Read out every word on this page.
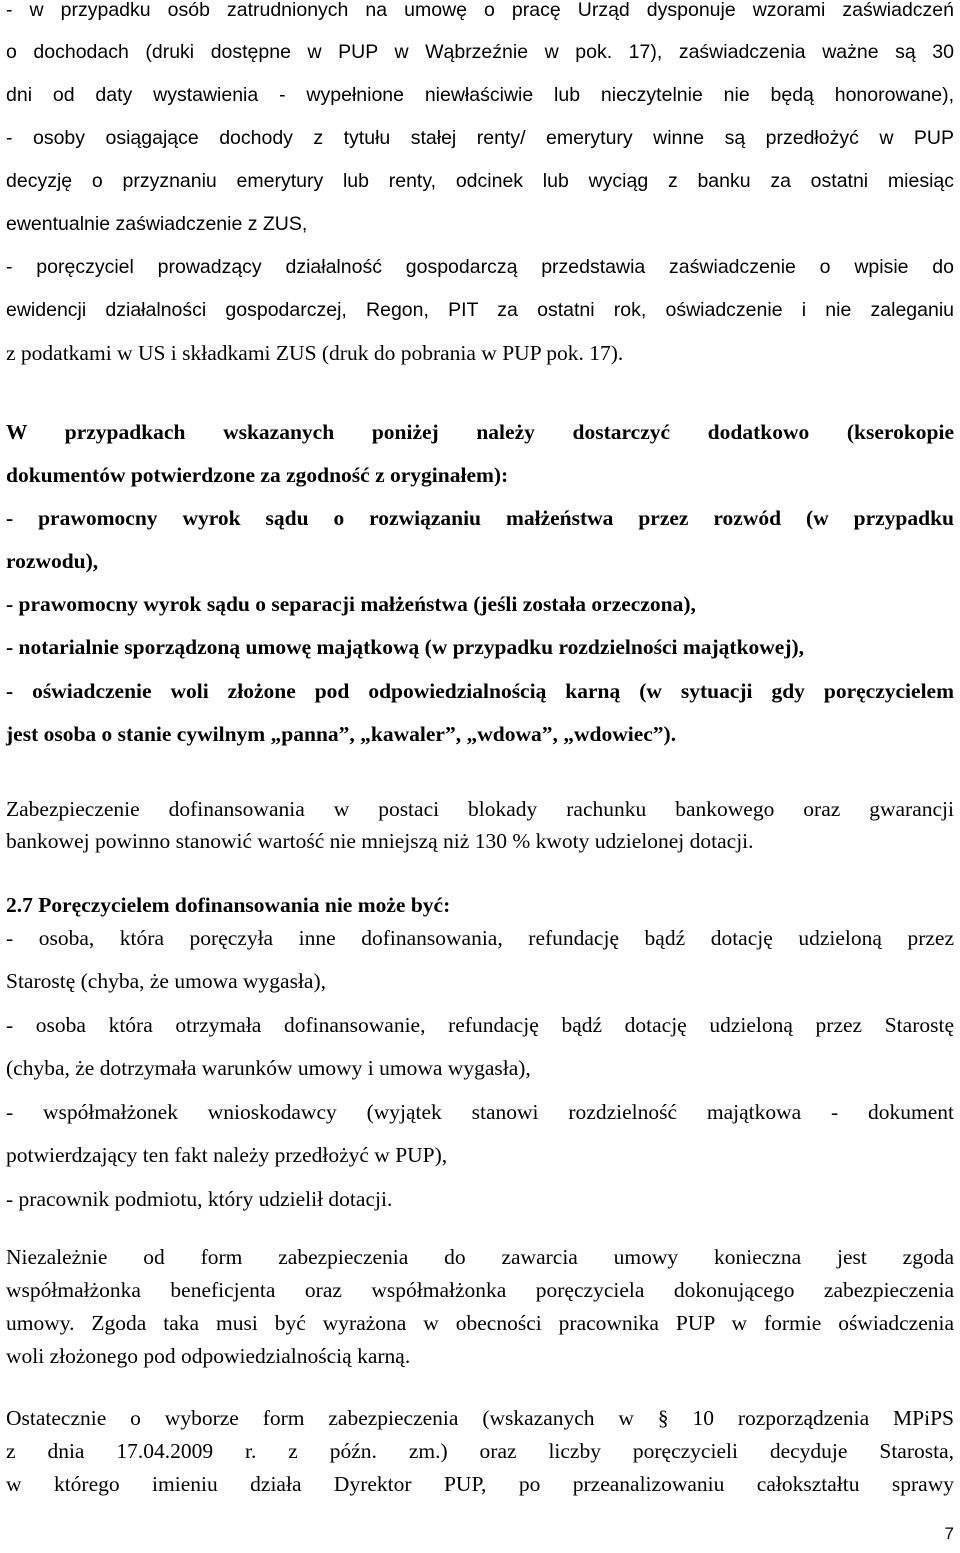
- w przypadku osób zatrudnionych na umowę o pracę Urząd dysponuje wzorami zaświadczeń
o dochodach (druki dostępne w PUP w Wąbrzeźnie w pok. 17), zaświadczenia ważne są 30
dni od daty wystawienia - wypełnione niewłaściwie lub nieczytelnie nie będą honorowane),
- osoby osiągające dochody z tytułu stałej renty/ emerytury winne są przedłożyć w PUP
decyzję o przyznaniu emerytury lub renty, odcinek lub wyciąg z banku za ostatni miesiąc
ewentualnie zaświadczenie z ZUS,
- poręczyciel prowadzący działalność gospodarczą przedstawia zaświadczenie o wpisie do
ewidencji działalności gospodarczej, Regon, PIT za ostatni rok, oświadczenie i nie zaleganiu
z podatkami w US i składkami ZUS (druk do pobrania w PUP pok. 17).
W przypadkach wskazanych poniżej należy dostarczyć dodatkowo (kserokopie
dokumentów potwierdzone za zgodność z oryginałem):
- prawomocny wyrok sądu o rozwiązaniu małżeństwa przez rozwód (w przypadku
rozwodu),
- prawomocny wyrok sądu o separacji małżeństwa (jeśli została orzeczona),
- notarialnie sporządzoną umowę majątkową (w przypadku rozdzielności majątkowej),
- oświadczenie woli złożone pod odpowiedzialnością karną (w sytuacji gdy poręczycielem
jest osoba o stanie cywilnym „panna”, „kawaler”, „wdowa”, „wdowiec”).
Zabezpieczenie dofinansowania w postaci blokady rachunku bankowego oraz gwarancji
bankowej powinno stanowić wartość nie mniejszą niż 130 % kwoty udzielonej dotacji.
2.7 Poręczycielem dofinansowania nie może być:
- osoba, która poręczyła inne dofinansowania, refundację bądź dotację udzieloną przez
Starostę (chyba, że umowa wygasła),
- osoba która otrzymała dofinansowanie, refundację bądź dotację udzieloną przez Starostę
(chyba, że dotrzymała warunków umowy i umowa wygasła),
- współmałżonek wnioskodawcy (wyjątek stanowi rozdzielność majątkowa - dokument
potwierdzający ten fakt należy przedłożyć w PUP),
- pracownik podmiotu, który udzielił dotacji.
Niezależnie od form zabezpieczenia do zawarcia umowy konieczna jest zgoda
współmałżonka beneficjenta oraz współmałżonka poręczyciela dokonującego zabezpieczenia
umowy. Zgoda taka musi być wyrażona w obecności pracownika PUP w formie oświadczenia
woli złożonego pod odpowiedzialnością karną.
Ostatecznie o wyborze form zabezpieczenia (wskazanych w § 10 rozporządzenia MPiPS
z dnia 17.04.2009 r. z późn. zm.) oraz liczby poręczycieli decyduje Starosta,
w którego imieniu działa Dyrektor PUP, po przeanalizowaniu całokształtu sprawy
7
